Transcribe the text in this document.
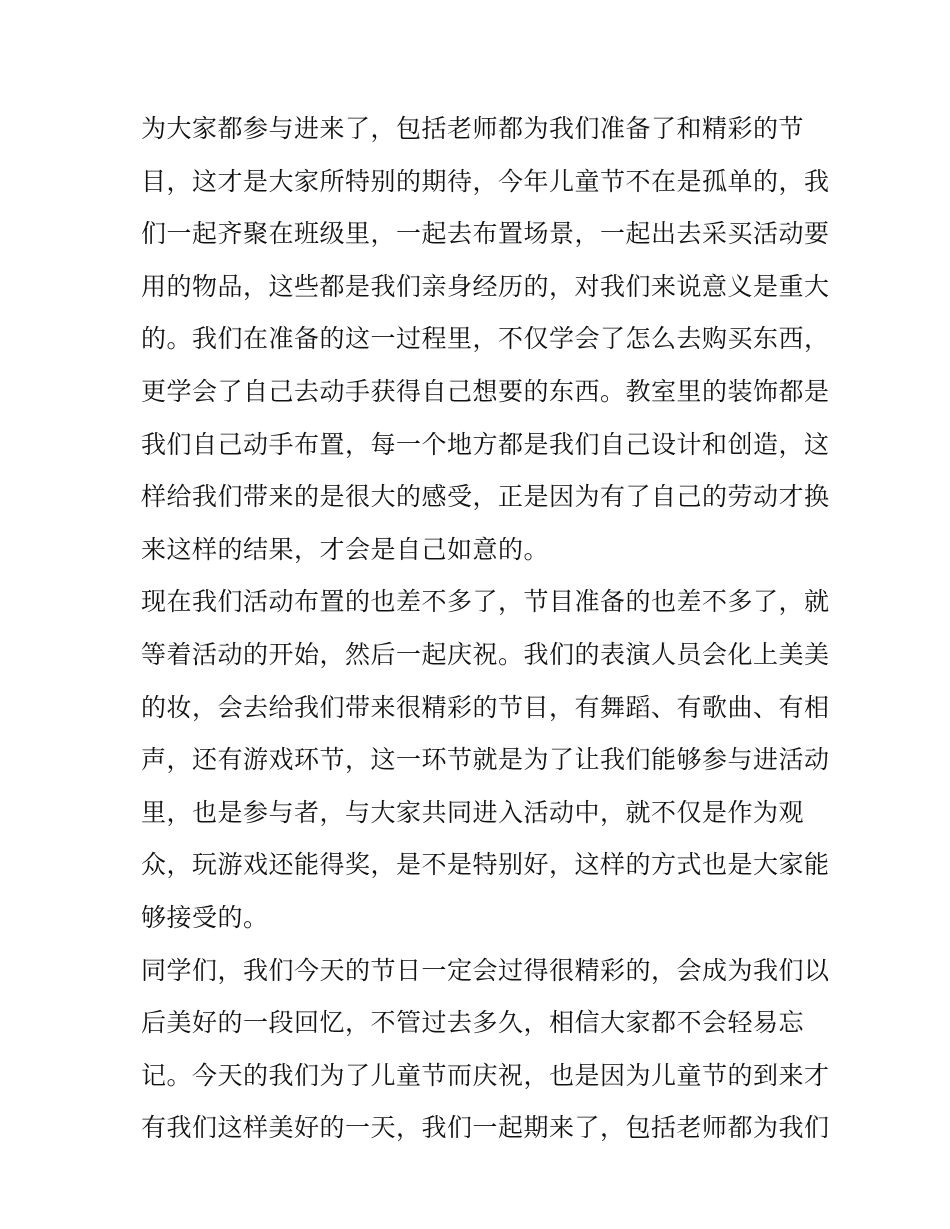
为大家都参与进来了，包括老师都为我们准备了和精彩的节
目，这才是大家所特别的期待，今年儿童节不在是孤单的，我
们一起齐聚在班级里，一起去布置场景，一起出去采买活动要
用的物品，这些都是我们亲身经历的，对我们来说意义是重大
的。我们在准备的这一过程里，不仅学会了怎么去购买东西，
更学会了自己去动手获得自己想要的东西。教室里的装饰都是
我们自己动手布置，每一个地方都是我们自己设计和创造，这
样给我们带来的是很大的感受，正是因为有了自己的劳动才换
来这样的结果，才会是自己如意的。
现在我们活动布置的也差不多了，节目准备的也差不多了，就
等着活动的开始，然后一起庆祝。我们的表演人员会化上美美
的妆，会去给我们带来很精彩的节目，有舞蹈、有歌曲、有相
声，还有游戏环节，这一环节就是为了让我们能够参与进活动
里，也是参与者，与大家共同进入活动中，就不仅是作为观
众，玩游戏还能得奖，是不是特别好，这样的方式也是大家能
够接受的。
同学们，我们今天的节日一定会过得很精彩的，会成为我们以
后美好的一段回忆，不管过去多久，相信大家都不会轻易忘
记。今天的我们为了儿童节而庆祝，也是因为儿童节的到来才
有我们这样美好的一天，我们一起期来了，包括老师都为我们
